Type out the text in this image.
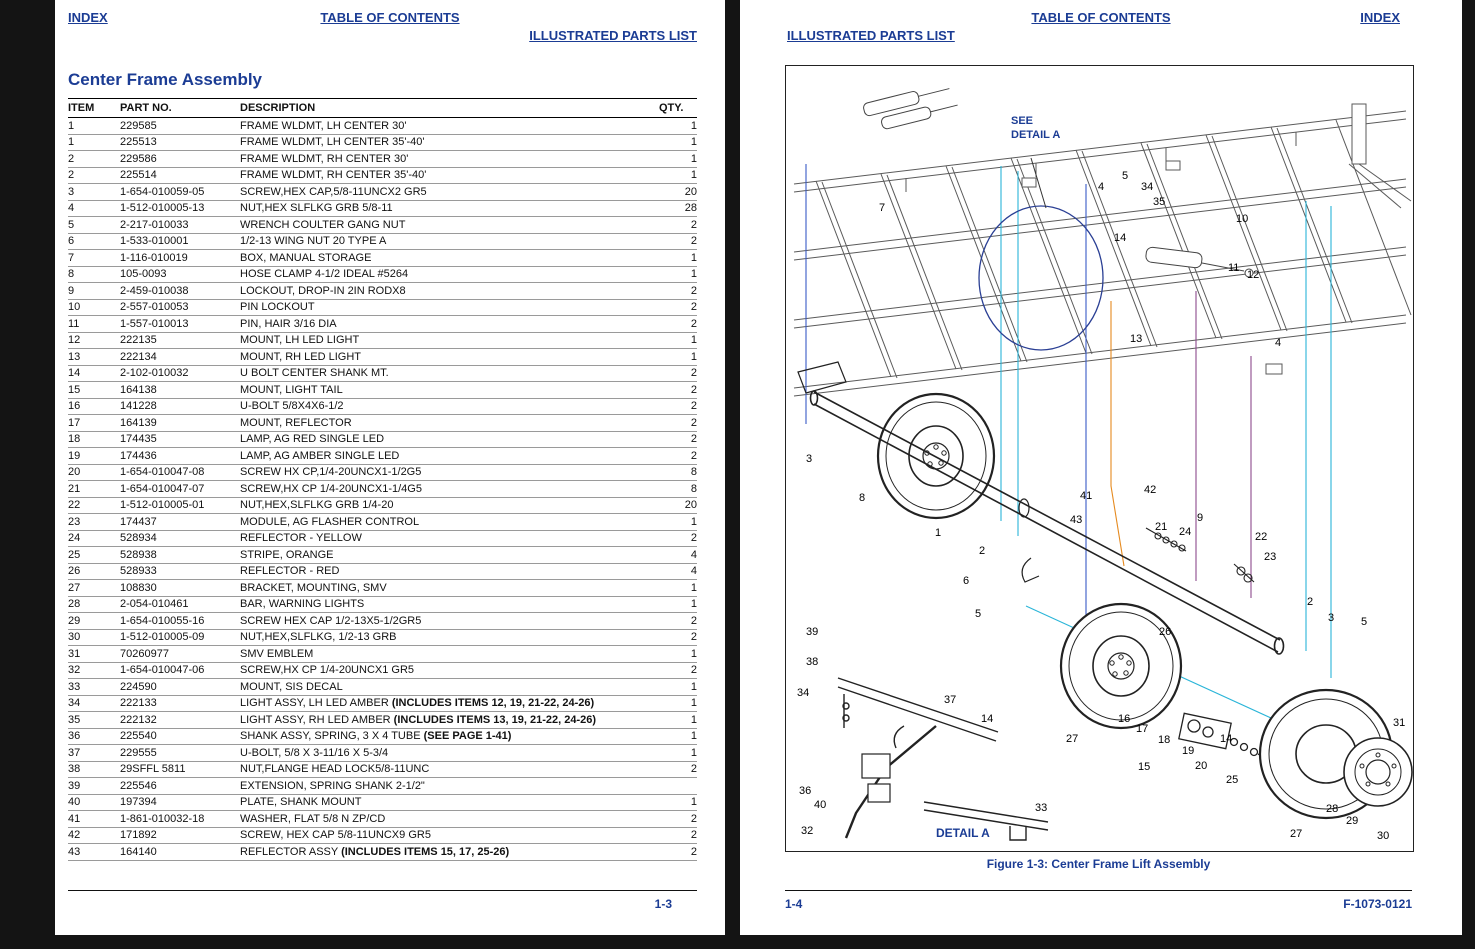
INDEX	TABLE OF CONTENTS
ILLUSTRATED PARTS LIST
Center Frame Assembly
ITEM	PART NO.	DESCRIPTION	QTY.
1	229585	FRAME WLDMT, LH CENTER 30'	1
1	225513	FRAME WLDMT, LH CENTER 35'-40'	1
2	229586	FRAME WLDMT, RH CENTER 30'	1
2	225514	FRAME WLDMT, RH CENTER 35'-40'	1
3	1-654-010059-05	SCREW,HEX CAP,5/8-11UNCX2 GR5	20
4	1-512-010005-13	NUT,HEX SLFLKG GRB 5/8-11	28
5	2-217-010033	WRENCH COULTER GANG NUT	2
6	1-533-010001	1/2-13 WING NUT 20 TYPE A	2
7	1-116-010019	BOX, MANUAL STORAGE	1
8	105-0093	HOSE CLAMP 4-1/2 IDEAL #5264	1
9	2-459-010038	LOCKOUT, DROP-IN 2IN RODX8	2
10	2-557-010053	PIN LOCKOUT	2
11	1-557-010013	PIN, HAIR 3/16 DIA	2
12	222135	MOUNT, LH LED LIGHT	1
13	222134	MOUNT, RH LED LIGHT	1
14	2-102-010032	U BOLT CENTER SHANK MT.	2
15	164138	MOUNT, LIGHT TAIL	2
16	141228	U-BOLT 5/8X4X6-1/2	2
17	164139	MOUNT, REFLECTOR	2
18	174435	LAMP, AG RED SINGLE LED	2
19	174436	LAMP, AG AMBER SINGLE LED	2
20	1-654-010047-08	SCREW HX CP,1/4-20UNCX1-1/2G5	8
21	1-654-010047-07	SCREW,HX CP 1/4-20UNCX1-1/4G5	8
22	1-512-010005-01	NUT,HEX,SLFLKG GRB 1/4-20	20
23	174437	MODULE, AG FLASHER CONTROL	1
24	528934	REFLECTOR - YELLOW	2
25	528938	STRIPE, ORANGE	4
26	528933	REFLECTOR - RED	4
27	108830	BRACKET, MOUNTING, SMV	1
28	2-054-010461	BAR, WARNING LIGHTS	1
29	1-654-010055-16	SCREW HEX CAP 1/2-13X5-1/2GR5	2
30	1-512-010005-09	NUT,HEX,SLFLKG, 1/2-13 GRB	2
31	70260977	SMV EMBLEM	1
32	1-654-010047-06	SCREW,HX CP 1/4-20UNCX1 GR5	2
33	224590	MOUNT, SIS DECAL	1
34	222133	LIGHT ASSY, LH LED AMBER (INCLUDES ITEMS 12, 19, 21-22, 24-26)	1
35	222132	LIGHT ASSY, RH LED AMBER (INCLUDES ITEMS 13, 19, 21-22, 24-26)	1
36	225540	SHANK ASSY, SPRING, 3 X 4 TUBE (SEE PAGE 1-41)	1
37	229555	U-BOLT, 5/8 X 3-11/16 X 5-3/4	1
38	29SFFL 5811	NUT,FLANGE HEAD LOCK5/8-11UNC	2
39	225546	EXTENSION, SPRING SHANK 2-1/2"	
40	197394	PLATE, SHANK MOUNT	1
41	1-861-010032-18	WASHER, FLAT 5/8 N ZP/CD	2
42	171892	SCREW, HEX CAP 5/8-11UNCX9 GR5	2
43	164140	REFLECTOR ASSY (INCLUDES ITEMS 15, 17, 25-26)	2
1-3
ILLUSTRATED PARTS LIST
TABLE OF CONTENTS	INDEX
7
4
5
34
35
14
10
11
12
13	4
3
8
1
41	42
43
21 24
9
2
6
22
23
5
2
3 5
26
39
38
34
37
14	16
17
18
19
14
15	20
25
27
36
40
32
33	28
29
27	30
31
SEE
DETAIL A
DETAIL A
Figure 1-3: Center Frame Lift Assembly
1-4	F-1073-0121
